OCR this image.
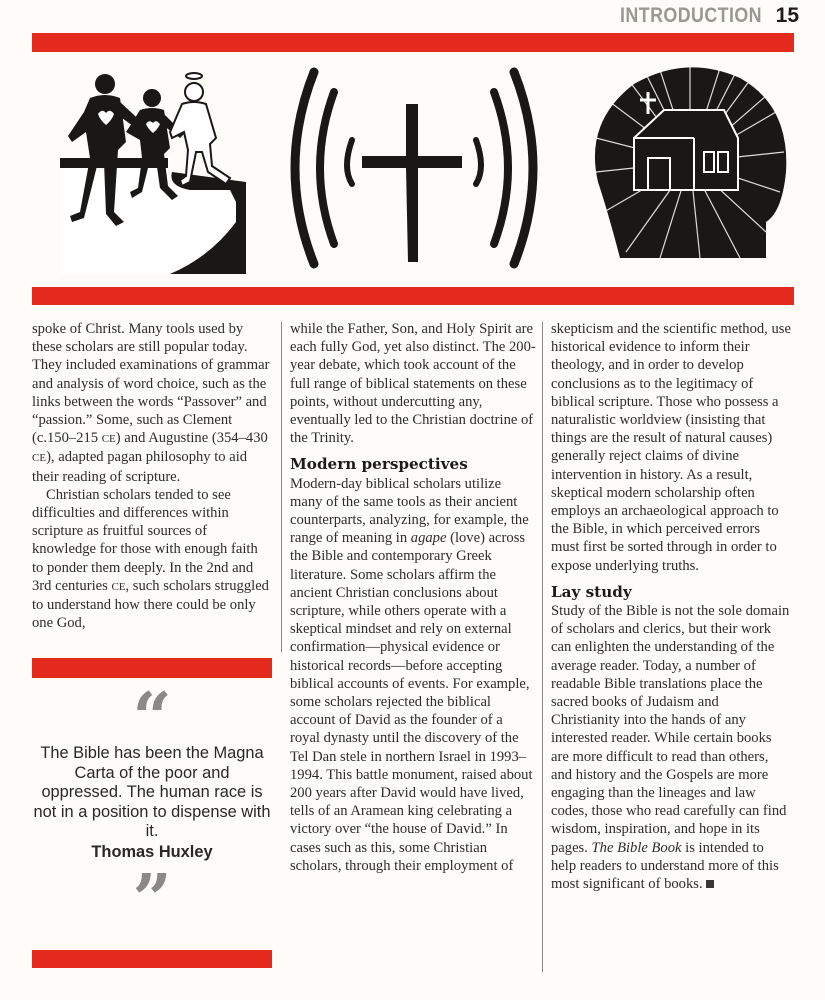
INTRODUCTION 15

spoke of Christ. Many tools used by these scholars are still popular today. They included examinations of grammar and analysis of word choice, such as the links between the words “Passover” and “passion.” Some, such as Clement (c.150–215 CE) and Augustine (354–430 CE), adapted pagan philosophy to aid their reading of scripture.

Christian scholars tended to see difficulties and differences within scripture as fruitful sources of knowledge for those with enough faith to ponder them deeply. In the 2nd and 3rd centuries CE, such scholars struggled to understand how there could be only one God,

“
The Bible has been the Magna Carta of the poor and oppressed. The human race is not in a position to dispense with it.
Thomas Huxley
”

while the Father, Son, and Holy Spirit are each fully God, yet also distinct. The 200-year debate, which took account of the full range of biblical statements on these points, without undercutting any, eventually led to the Christian doctrine of the Trinity.

Modern perspectives

Modern-day biblical scholars utilize many of the same tools as their ancient counterparts, analyzing, for example, the range of meaning in agape (love) across the Bible and contemporary Greek literature. Some scholars affirm the ancient Christian conclusions about scripture, while others operate with a skeptical mindset and rely on external confirmation—physical evidence or historical records—before accepting biblical accounts of events. For example, some scholars rejected the biblical account of David as the founder of a royal dynasty until the discovery of the Tel Dan stele in northern Israel in 1993–1994. This battle monument, raised about 200 years after David would have lived, tells of an Aramean king celebrating a victory over “the house of David.” In cases such as this, some Christian scholars, through their employment of

skepticism and the scientific method, use historical evidence to inform their theology, and in order to develop conclusions as to the legitimacy of biblical scripture. Those who possess a naturalistic worldview (insisting that things are the result of natural causes) generally reject claims of divine intervention in history. As a result, skeptical modern scholarship often employs an archaeological approach to the Bible, in which perceived errors must first be sorted through in order to expose underlying truths.

Lay study

Study of the Bible is not the sole domain of scholars and clerics, but their work can enlighten the understanding of the average reader. Today, a number of readable Bible translations place the sacred books of Judaism and Christianity into the hands of any interested reader. While certain books are more difficult to read than others, and history and the Gospels are more engaging than the lineages and law codes, those who read carefully can find wisdom, inspiration, and hope in its pages. The Bible Book is intended to help readers to understand more of this most significant of books.
